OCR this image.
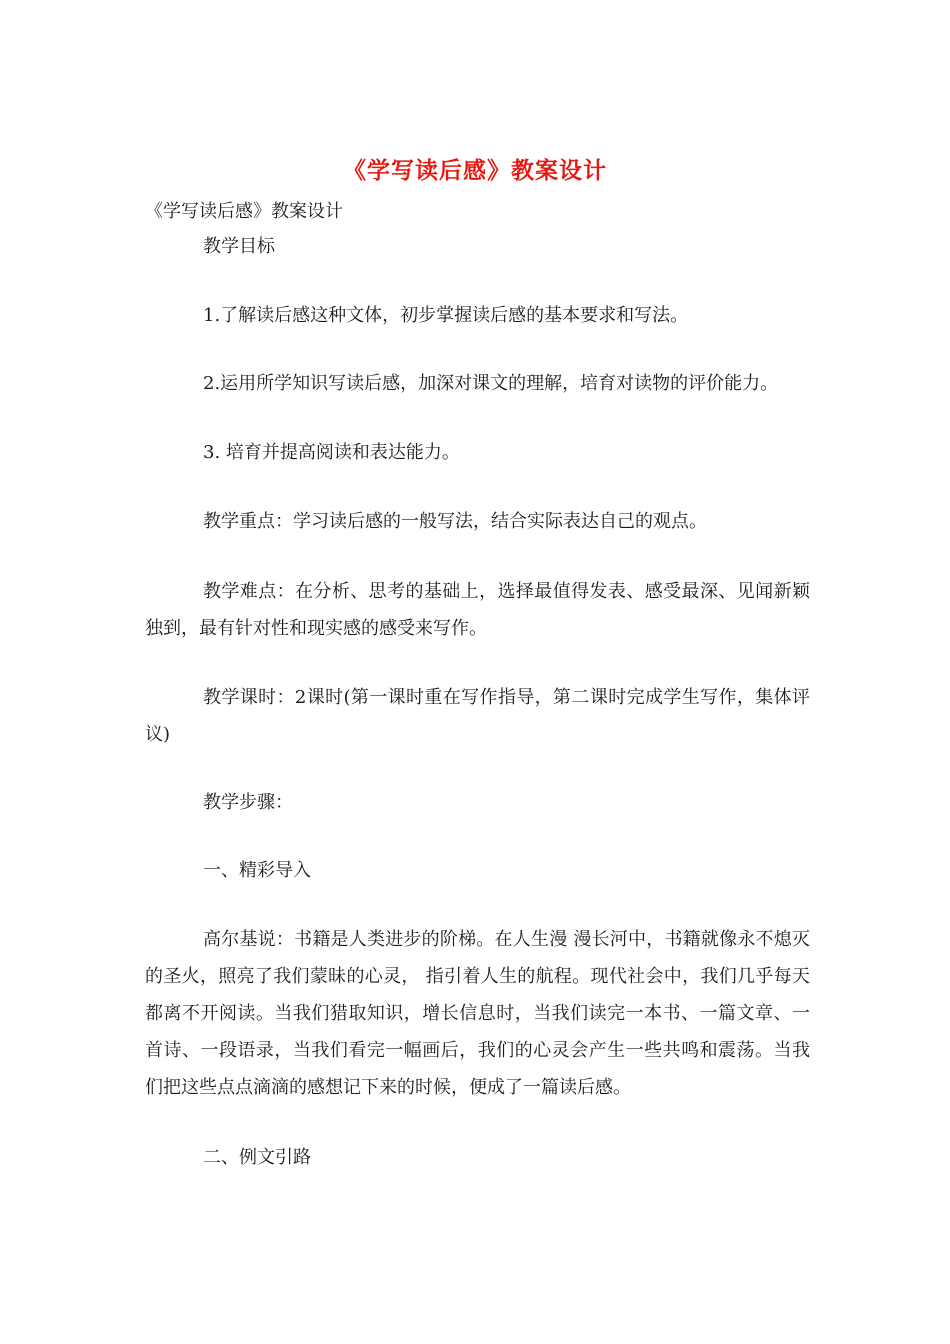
《学写读后感》教案设计
《学写读后感》教案设计
教学目标
1.了解读后感这种文体，初步掌握读后感的基本要求和写法。
2.运用所学知识写读后感，加深对课文的理解，培育对读物的评价能力。
3. 培育并提高阅读和表达能力。
教学重点：学习读后感的一般写法，结合实际表达自己的观点。
教学难点：在分析、思考的基础上，选择最值得发表、感受最深、见闻新颖独到，最有针对性和现实感的感受来写作。
教学课时：2课时(第一课时重在写作指导，第二课时完成学生写作，集体评议)
教学步骤：
一、精彩导入
高尔基说：书籍是人类进步的阶梯。在人生漫 漫长河中，书籍就像永不熄灭的圣火，照亮了我们蒙昧的心灵， 指引着人生的航程。现代社会中，我们几乎每天都离不开阅读。当我们猎取知识，增长信息时，当我们读完一本书、一篇文章、一首诗、一段语录，当我们看完一幅画后，我们的心灵会产生一些共鸣和震荡。当我们把这些点点滴滴的感想记下来的时候，便成了一篇读后感。
二、例文引路
